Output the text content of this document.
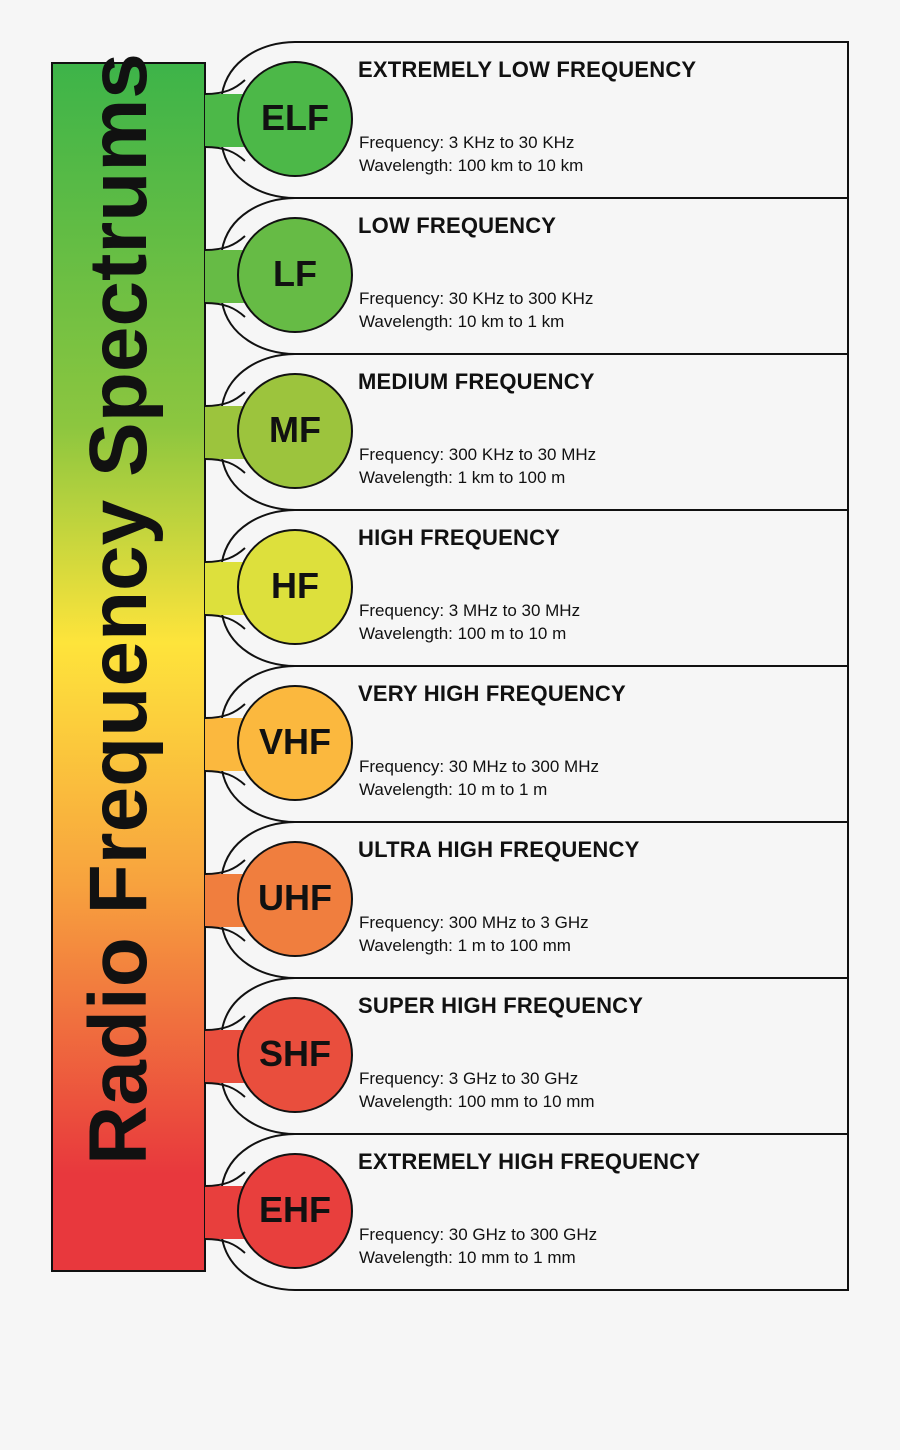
Radio Frequency Spectrums	ELF
EXTREMELY LOW FREQUENCY
Frequency: 3 KHz to 30 KHz
Wavelength: 100 km to 10 km
LF
LOW FREQUENCY
Frequency: 30 KHz to 300 KHz
Wavelength: 10 km to 1 km
MF
MEDIUM FREQUENCY
Frequency: 300 KHz to 30 MHz
Wavelength: 1 km to 100 m
HF
HIGH FREQUENCY
Frequency: 3 MHz to 30 MHz
Wavelength: 100 m to 10 m
VHF
VERY HIGH FREQUENCY
Frequency: 30 MHz to 300 MHz
Wavelength: 10 m to 1 m
UHF
ULTRA HIGH FREQUENCY
Frequency: 300 MHz to 3 GHz
Wavelength: 1 m to 100 mm
SHF
SUPER HIGH FREQUENCY
Frequency: 3 GHz to 30 GHz
Wavelength: 100 mm to 10 mm
EHF
EXTREMELY HIGH FREQUENCY
Frequency: 30 GHz to 300 GHz
Wavelength: 10 mm to 1 mm
